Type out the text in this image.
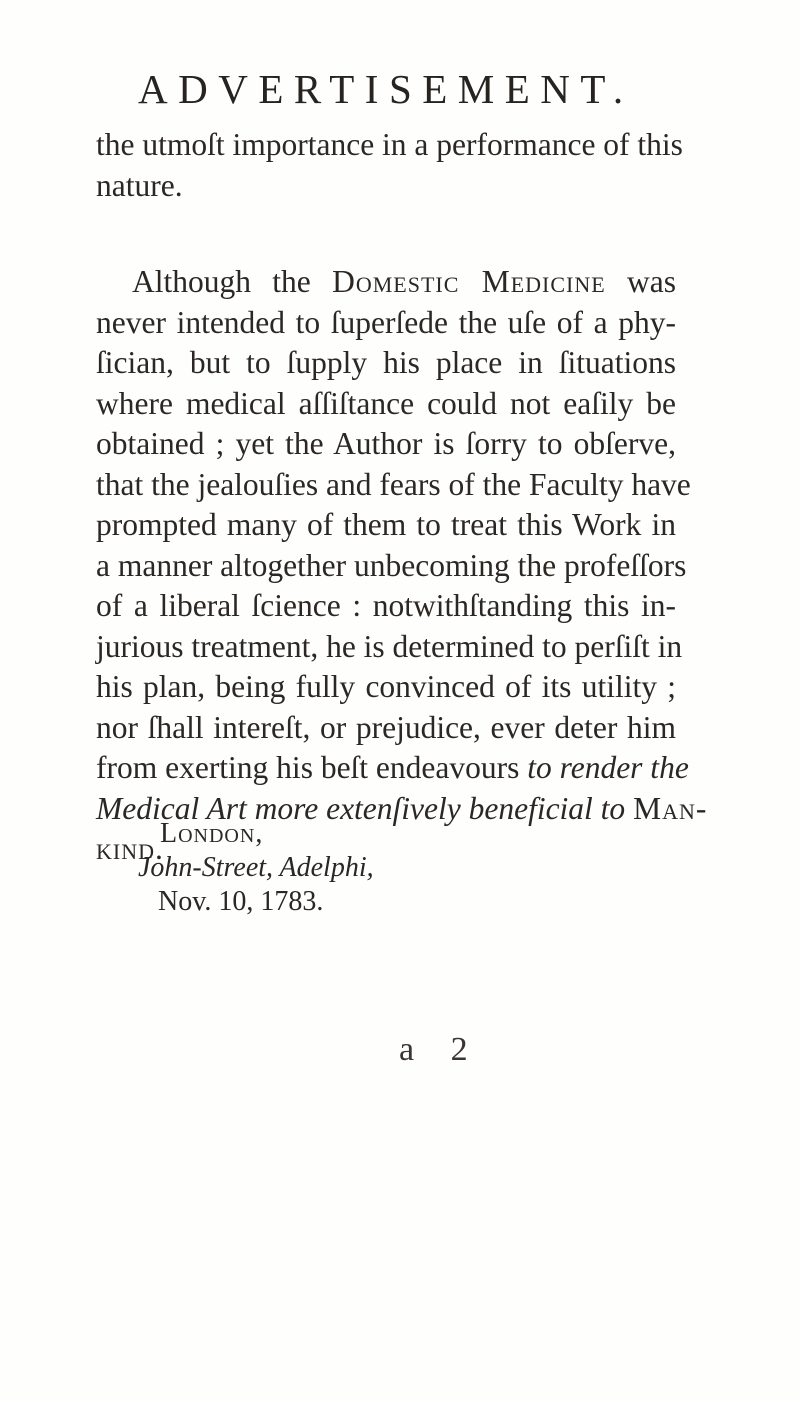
ADVERTISEMENT.
the utmoſt importance in a performance of this
nature.
Although the Domestic Medicine was
never intended to ſuperſede the uſe of a phy-
ſician, but to ſupply his place in ſituations
where medical aſſiſtance could not eaſily be
obtained ; yet the Author is ſorry to obſerve,
that the jealouſies and fears of the Faculty have
prompted many of them to treat this Work in
a manner altogether unbecoming the profeſſors
of a liberal ſcience : notwithſtanding this in-
jurious treatment, he is determined to perſiſt in
his plan, being fully convinced of its utility ;
nor ſhall intereſt, or prejudice, ever deter him
from exerting his beſt endeavours to render the
Medical Art more extenſively beneficial to Man-
kind.
London,
John-Street, Adelphi,
Nov. 10, 1783.
a 2
